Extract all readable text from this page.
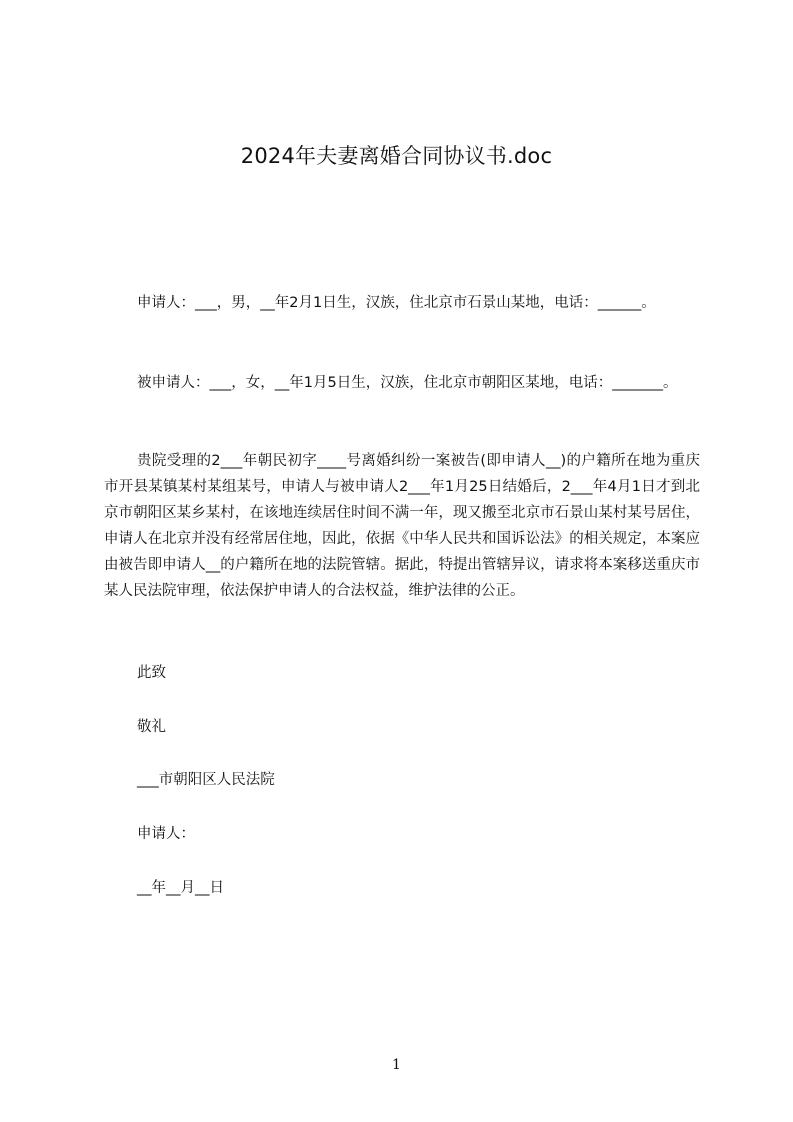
2024年夫妻离婚合同协议书.doc

申请人：___，男，__年2月1日生，汉族，住北京市石景山某地，电话：______。

被申请人：___，女，__年1月5日生，汉族，住北京市朝阳区某地，电话：_______。

贵院受理的2___年朝民初字____号离婚纠纷一案被告(即申请人__)的户籍所在地为重庆市开县某镇某村某组某号，申请人与被申请人2___年1月25日结婚后，2___年4月1日才到北京市朝阳区某乡某村，在该地连续居住时间不满一年，现又搬至北京市石景山某村某号居住，申请人在北京并没有经常居住地，因此，依据《中华人民共和国诉讼法》的相关规定，本案应由被告即申请人__的户籍所在地的法院管辖。据此，特提出管辖异议，请求将本案移送重庆市某人民法院审理，依法保护申请人的合法权益，维护法律的公正。

此致

敬礼

___市朝阳区人民法院

申请人：

__年__月__日

1
